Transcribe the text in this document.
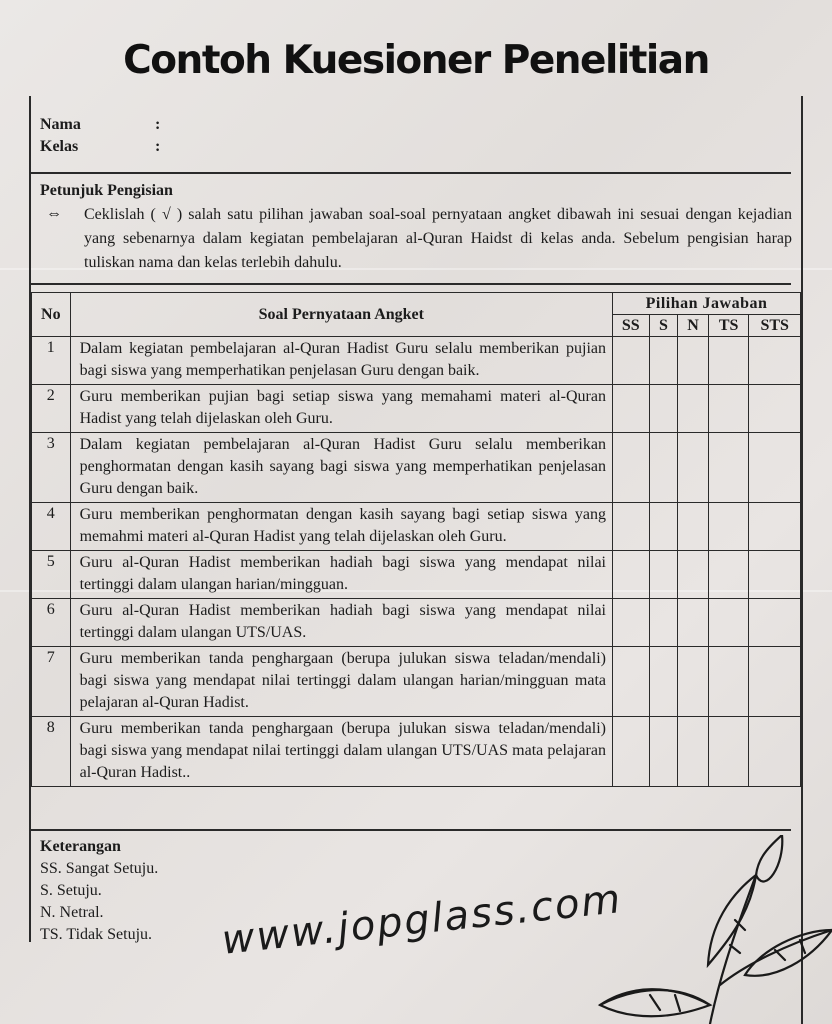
Contoh Kuesioner Penelitian
Nama	:
Kelas	:
Petunjuk Pengisian
⇔ Ceklislah ( √ ) salah satu pilihan jawaban soal-soal pernyataan angket dibawah ini sesuai dengan kejadian yang sebenarnya dalam kegiatan pembelajaran al-Quran Haidst di kelas anda. Sebelum pengisian harap tuliskan nama dan kelas terlebih dahulu.
No	Soal Pernyataan Angket	Pilihan Jawaban				
		SS	S	N	TS	STS
1	Dalam kegiatan pembelajaran al-Quran Hadist Guru selalu memberikan pujian bagi siswa yang memperhatikan penjelasan Guru dengan baik.					
2	Guru memberikan pujian bagi setiap siswa yang memahami materi al-Quran Hadist yang telah dijelaskan oleh Guru.					
3	Dalam kegiatan pembelajaran al-Quran Hadist Guru selalu memberikan penghormatan dengan kasih sayang bagi siswa yang memperhatikan penjelasan Guru dengan baik.					
4	Guru memberikan penghormatan dengan kasih sayang bagi setiap siswa yang memahmi materi al-Quran Hadist yang telah dijelaskan oleh Guru.					
5	Guru al-Quran Hadist memberikan hadiah bagi siswa yang mendapat nilai tertinggi dalam ulangan harian/mingguan.					
6	Guru al-Quran Hadist memberikan hadiah bagi siswa yang mendapat nilai tertinggi dalam ulangan UTS/UAS.					
7	Guru memberikan tanda penghargaan (berupa julukan siswa teladan/mendali) bagi siswa yang mendapat nilai tertinggi dalam ulangan harian/mingguan mata pelajaran al-Quran Hadist.					
8	Guru memberikan tanda penghargaan (berupa julukan siswa teladan/mendali) bagi siswa yang mendapat nilai tertinggi dalam ulangan UTS/UAS mata pelajaran al-Quran Hadist..					
Keterangan
SS. Sangat Setuju.
S. Setuju.
N. Netral.
TS. Tidak Setuju. www.jopglass.com
